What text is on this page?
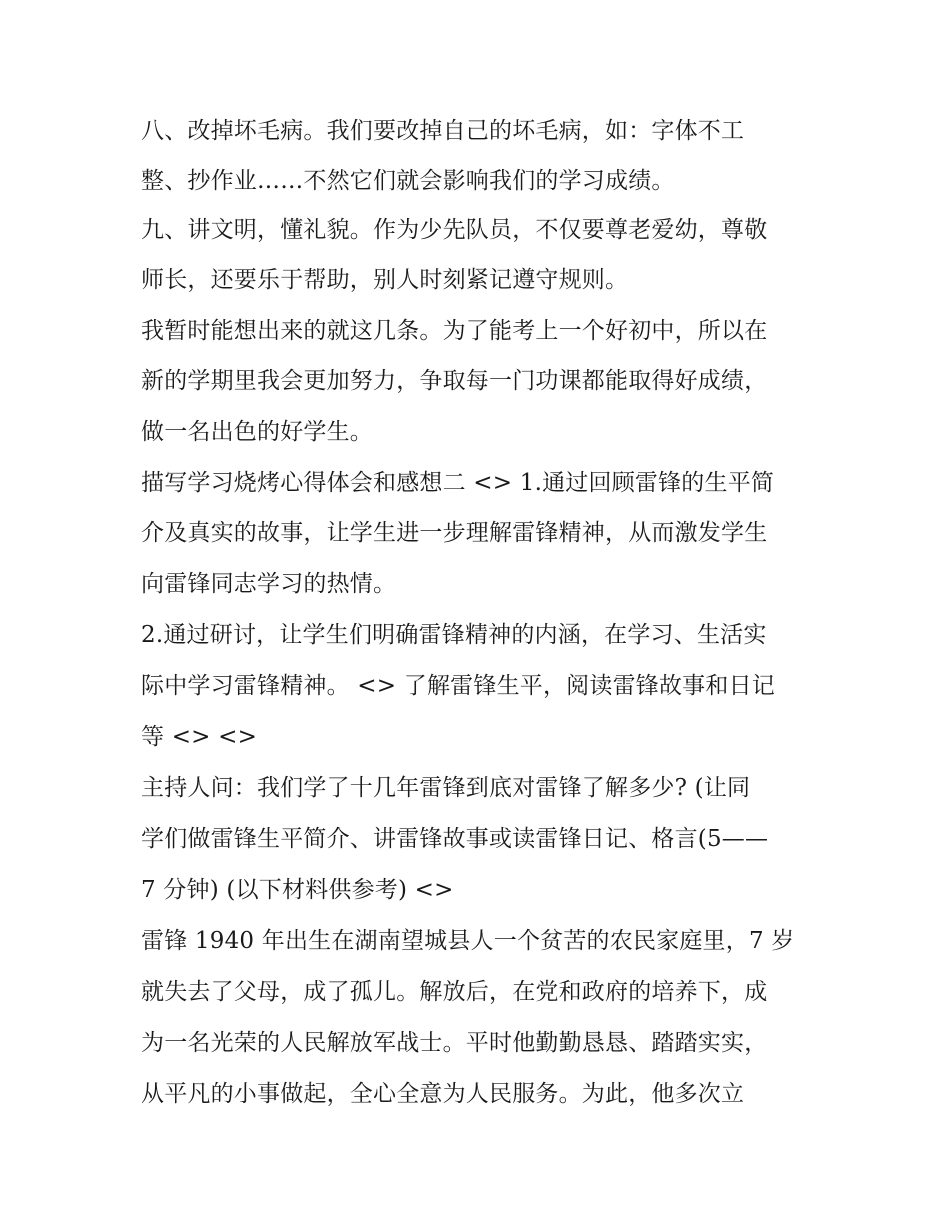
八、改掉坏毛病。我们要改掉自己的坏毛病，如：字体不工
整、抄作业……不然它们就会影响我们的学习成绩。
九、讲文明，懂礼貌。作为少先队员，不仅要尊老爱幼，尊敬
师长，还要乐于帮助，别人时刻紧记遵守规则。
我暂时能想出来的就这几条。为了能考上一个好初中，所以在
新的学期里我会更加努力，争取每一门功课都能取得好成绩，
做一名出色的好学生。
描写学习烧烤心得体会和感想二 <> 1.通过回顾雷锋的生平简
介及真实的故事，让学生进一步理解雷锋精神，从而激发学生
向雷锋同志学习的热情。
2.通过研讨，让学生们明确雷锋精神的内涵，在学习、生活实
际中学习雷锋精神。 <> 了解雷锋生平，阅读雷锋故事和日记
等 <> <>
主持人问：我们学了十几年雷锋到底对雷锋了解多少? (让同
学们做雷锋生平简介、讲雷锋故事或读雷锋日记、格言(5——
7 分钟) (以下材料供参考) <>
雷锋 1940 年出生在湖南望城县人一个贫苦的农民家庭里，7 岁
就失去了父母，成了孤儿。解放后，在党和政府的培养下，成
为一名光荣的人民解放军战士。平时他勤勤恳恳、踏踏实实，
从平凡的小事做起，全心全意为人民服务。为此，他多次立
